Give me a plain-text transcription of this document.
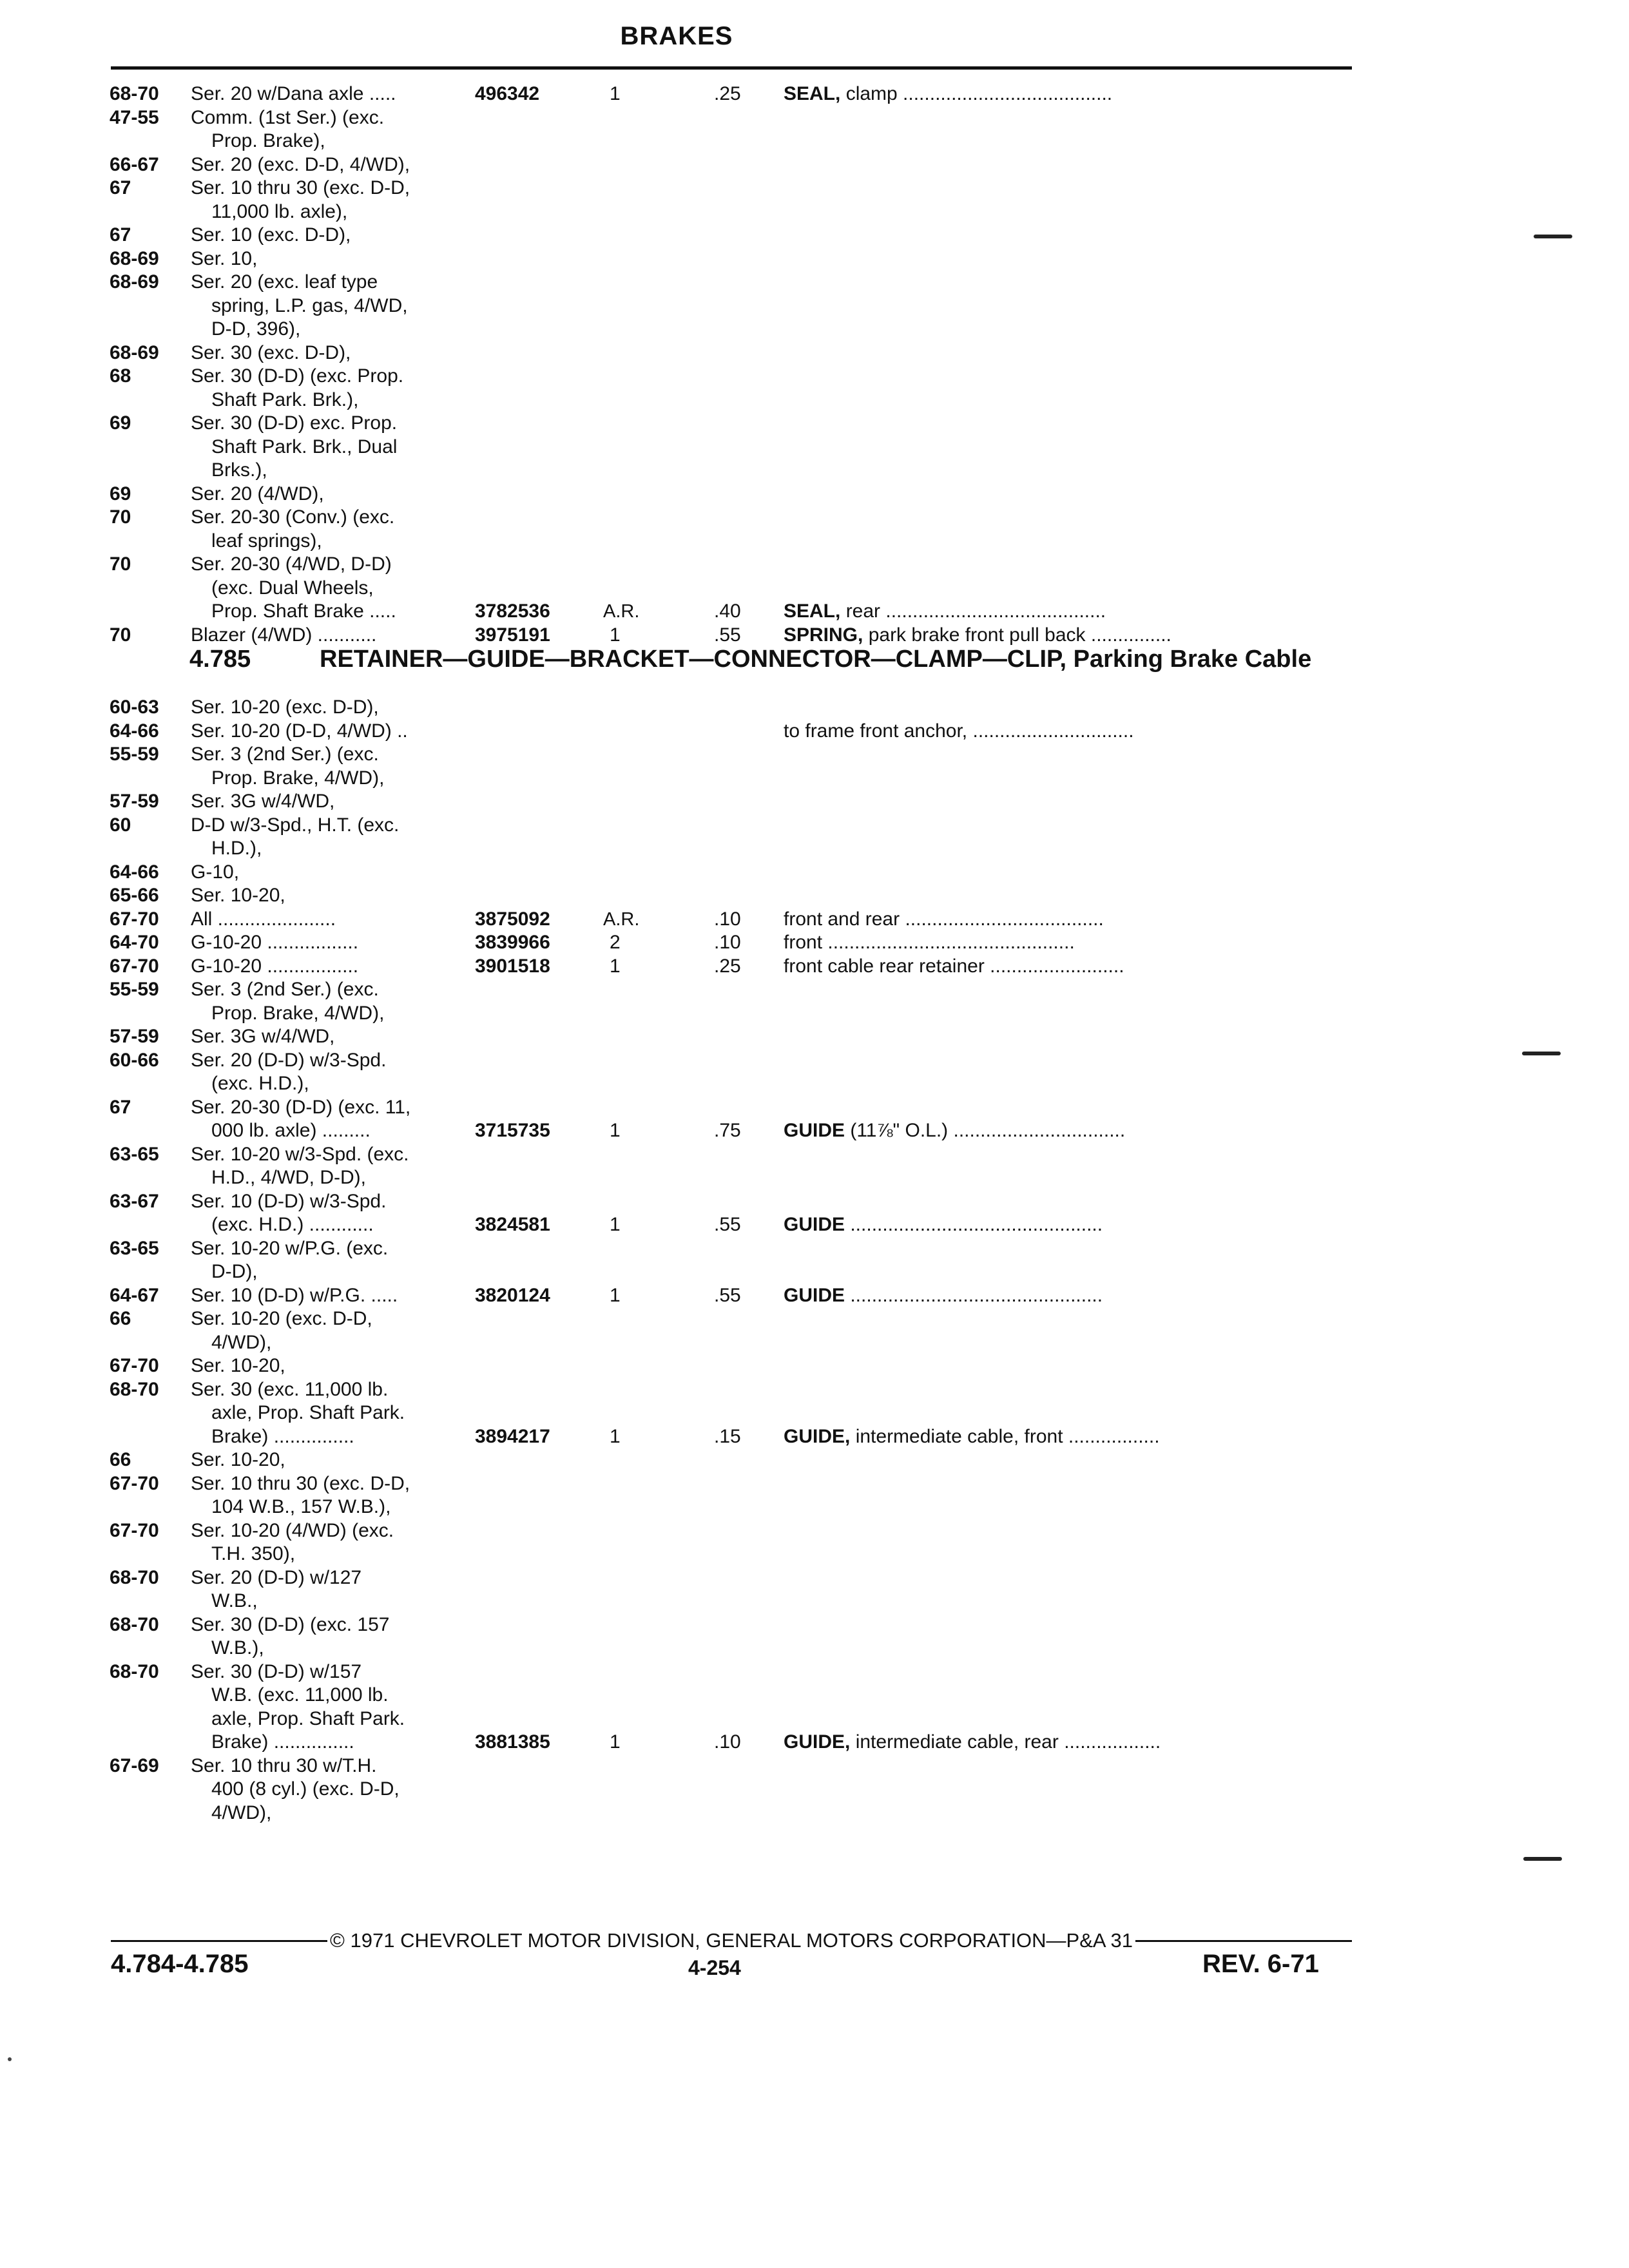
BRAKES
68-70 Ser. 20 w/Dana axle .....	496342	1	.25 SEAL, clamp .......................................
47-55 Comm. (1st Ser.) (exc.
Prop. Brake),
66-67 Ser. 20 (exc. D-D, 4/WD),
67	Ser. 10 thru 30 (exc. D-D,
11,000 lb. axle),
67	Ser. 10 (exc. D-D),
68-69 Ser. 10,
68-69 Ser. 20 (exc. leaf type
spring, L.P. gas, 4/WD,
D-D, 396),
68-69 Ser. 30 (exc. D-D),
68	Ser. 30 (D-D) (exc. Prop.
Shaft Park. Brk.),
69	Ser. 30 (D-D) exc. Prop.
Shaft Park. Brk., Dual
Brks.),
69	Ser. 20 (4/WD),
70	Ser. 20-30 (Conv.) (exc.
leaf springs),
70	Ser. 20-30 (4/WD, D-D)
(exc. Dual Wheels,
Prop. Shaft Brake .....	3782536	A.R.	.40 SEAL, rear .........................................
70	Blazer (4/WD) ...........	3975191	1	.55 SPRING, park brake front pull back ...............
4.785	RETAINER—GUIDE—BRACKET—CONNECTOR—CLAMP—CLIP, Parking Brake Cable
60-63 Ser. 10-20 (exc. D-D),
64-66 Ser. 10-20 (D-D, 4/WD) ..	to frame front anchor, ..............................
55-59 Ser. 3 (2nd Ser.) (exc.
Prop. Brake, 4/WD),
57-59 Ser. 3G w/4/WD,
60	D-D w/3-Spd., H.T. (exc.
H.D.),
64-66 G-10,
65-66 Ser. 10-20,
67-70 All ......................	3875092	A.R.	.10 front and rear .....................................
64-70 G-10-20 .................	3839966	2	.10 front ..............................................
67-70 G-10-20 .................	3901518	1	.25 front cable rear retainer .........................
55-59 Ser. 3 (2nd Ser.) (exc.
Prop. Brake, 4/WD),
57-59 Ser. 3G w/4/WD,
60-66 Ser. 20 (D-D) w/3-Spd.
(exc. H.D.),
67	Ser. 20-30 (D-D) (exc. 11,
000 lb. axle) .........	3715735	1	.75 GUIDE (11⅞" O.L.) ................................
63-65 Ser. 10-20 w/3-Spd. (exc.
H.D., 4/WD, D-D),
63-67 Ser. 10 (D-D) w/3-Spd.
(exc. H.D.) ............	3824581	1	.55 GUIDE ...............................................
63-65 Ser. 10-20 w/P.G. (exc.
D-D),
64-67 Ser. 10 (D-D) w/P.G. .....	3820124	1	.55 GUIDE ...............................................
66	Ser. 10-20 (exc. D-D,
4/WD),
67-70 Ser. 10-20,
68-70 Ser. 30 (exc. 11,000 lb.
axle, Prop. Shaft Park.
Brake) ...............	3894217	1	.15 GUIDE, intermediate cable, front .................
66	Ser. 10-20,
67-70 Ser. 10 thru 30 (exc. D-D,
104 W.B., 157 W.B.),
67-70 Ser. 10-20 (4/WD) (exc.
T.H. 350),
68-70 Ser. 20 (D-D) w/127
W.B.,
68-70 Ser. 30 (D-D) (exc. 157
W.B.),
68-70 Ser. 30 (D-D) w/157
W.B. (exc. 11,000 lb.
axle, Prop. Shaft Park.
Brake) ...............	3881385	1	.10 GUIDE, intermediate cable, rear ..................
67-69 Ser. 10 thru 30 w/T.H.
400 (8 cyl.) (exc. D-D,
4/WD),
© 1971 CHEVROLET MOTOR DIVISION, GENERAL MOTORS CORPORATION—P&A 31
4.784-4.785	4-254	REV. 6-71
